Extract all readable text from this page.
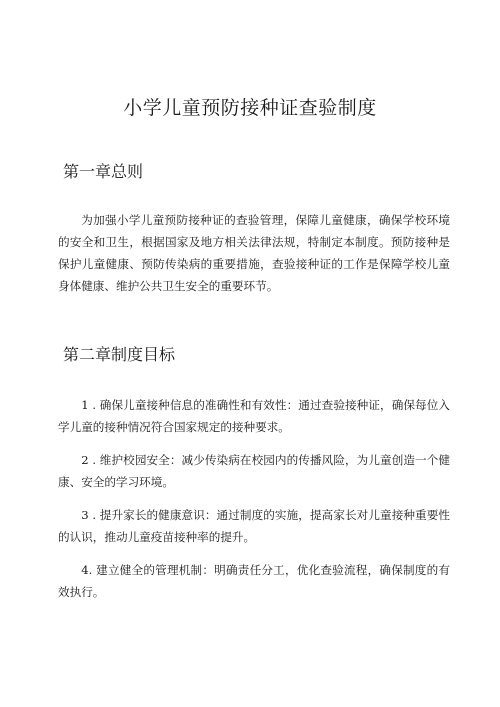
小学儿童预防接种证查验制度
第一章总则

为加强小学儿童预防接种证的查验管理，保障儿童健康，确保学校环境的安全和卫生，根据国家及地方相关法律法规，特制定本制度。预防接种是保护儿童健康、预防传染病的重要措施，查验接种证的工作是保障学校儿童身体健康、维护公共卫生安全的重要环节。

第二章制度目标

1 . 确保儿童接种信息的准确性和有效性：通过查验接种证，确保每位入学儿童的接种情况符合国家规定的接种要求。

2 . 维护校园安全：减少传染病在校园内的传播风险，为儿童创造一个健康、安全的学习环境。

3 . 提升家长的健康意识：通过制度的实施，提高家长对儿童接种重要性的认识，推动儿童疫苗接种率的提升。

4. 建立健全的管理机制：明确责任分工，优化查验流程，确保制度的有效执行。
